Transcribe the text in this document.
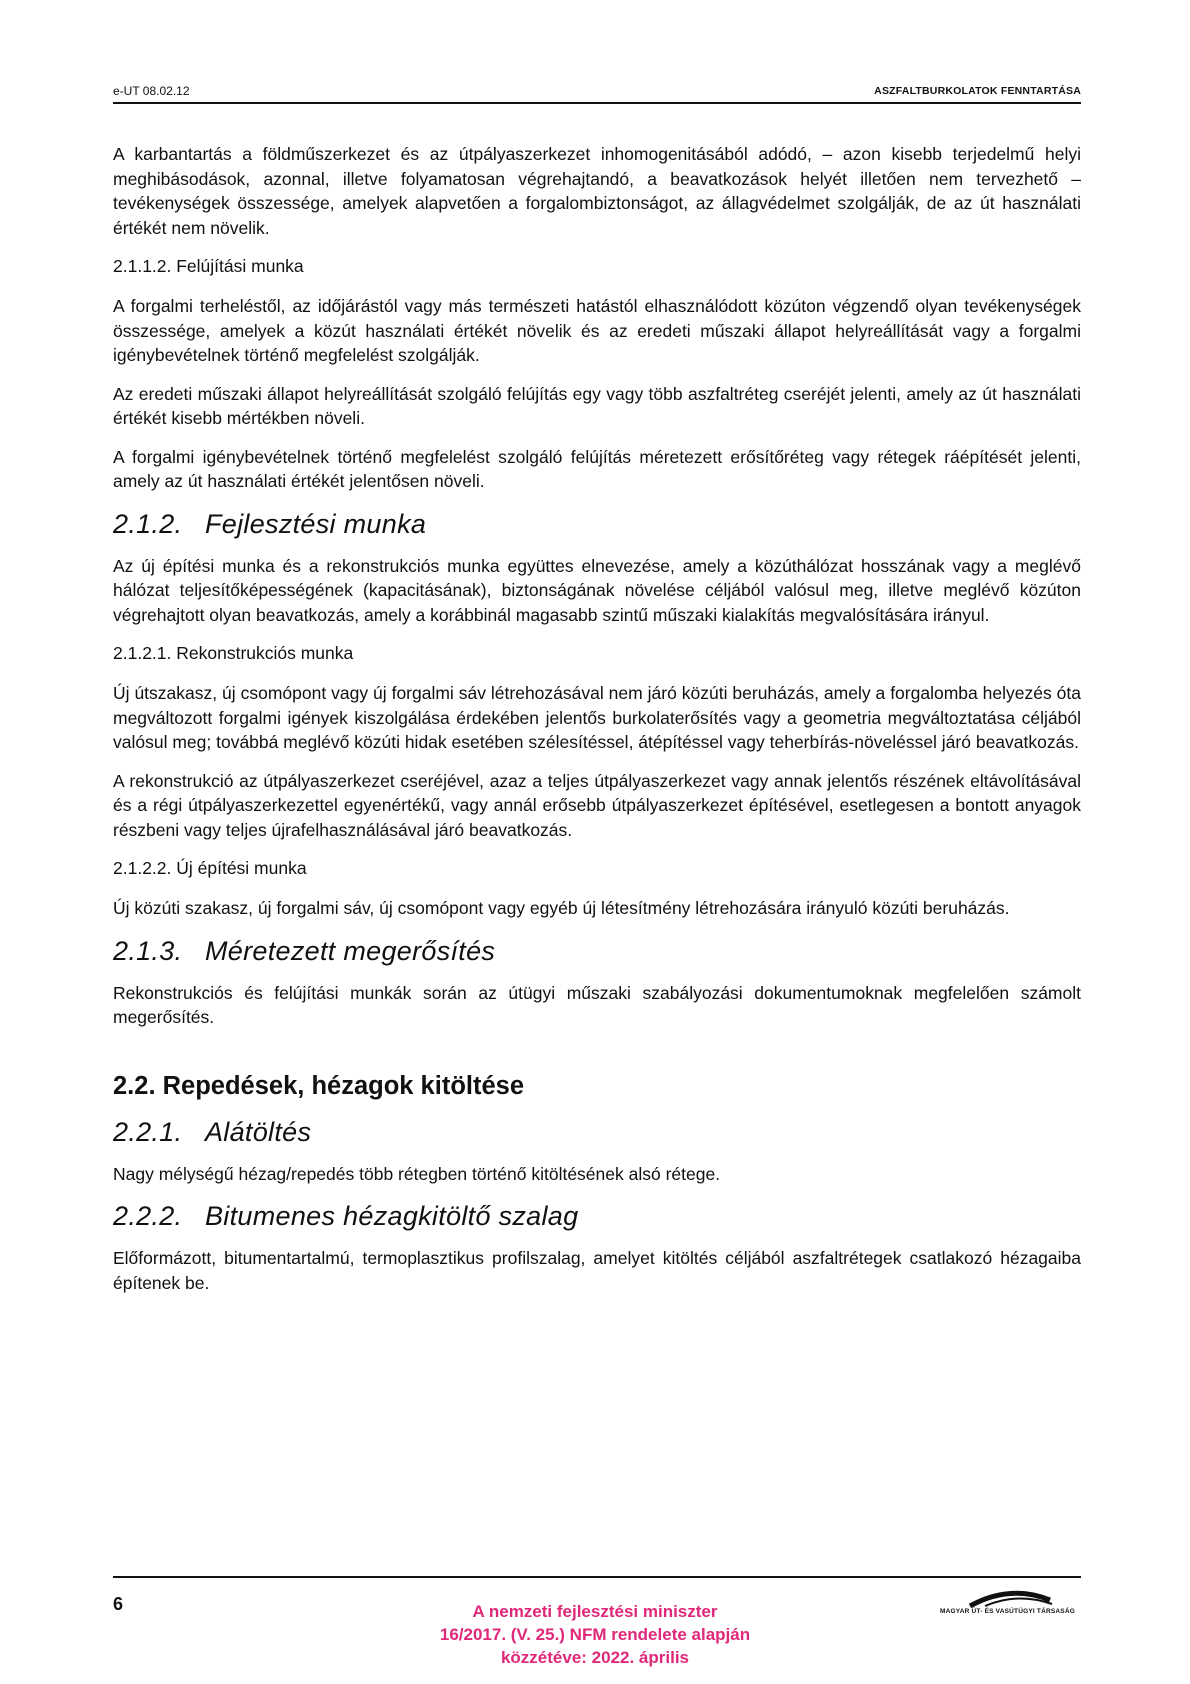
e-UT 08.02.12	ASZFALTBURKOLATOK FENNTARTÁSA

A karbantartás a földműszerkezet és az útpályaszerkezet inhomogenitásából adódó, – azon kisebb terjedelmű helyi meghibásodások, azonnal, illetve folyamatosan végrehajtandó, a beavatkozások helyét illetően nem tervezhető – tevékenységek összessége, amelyek alapvetően a forgalombiztonságot, az állagvédelmet szolgálják, de az út használati értékét nem növelik.

2.1.1.2. Felújítási munka

A forgalmi terheléstől, az időjárástól vagy más természeti hatástól elhasználódott közúton végzendő olyan tevékenységek összessége, amelyek a közút használati értékét növelik és az eredeti műszaki állapot helyreállítását vagy a forgalmi igénybevételnek történő megfelelést szolgálják.

Az eredeti műszaki állapot helyreállítását szolgáló felújítás egy vagy több aszfaltréteg cseréjét jelenti, amely az út használati értékét kisebb mértékben növeli.

A forgalmi igénybevételnek történő megfelelést szolgáló felújítás méretezett erősítőréteg vagy rétegek ráépítését jelenti, amely az út használati értékét jelentősen növeli.

2.1.2. Fejlesztési munka

Az új építési munka és a rekonstrukciós munka együttes elnevezése, amely a közúthálózat hosszának vagy a meglévő hálózat teljesítőképességének (kapacitásának), biztonságának növelése céljából valósul meg, illetve meglévő közúton végrehajtott olyan beavatkozás, amely a korábbinál magasabb szintű műszaki kialakítás megvalósítására irányul.

2.1.2.1. Rekonstrukciós munka

Új útszakasz, új csomópont vagy új forgalmi sáv létrehozásával nem járó közúti beruházás, amely a forgalomba helyezés óta megváltozott forgalmi igények kiszolgálása érdekében jelentős burkolaterősítés vagy a geometria megváltoztatása céljából valósul meg; továbbá meglévő közúti hidak esetében szélesítéssel, átépítéssel vagy teherbírás-növeléssel járó beavatkozás.

A rekonstrukció az útpályaszerkezet cseréjével, azaz a teljes útpályaszerkezet vagy annak jelentős részének eltávolításával és a régi útpályaszerkezettel egyenértékű, vagy annál erősebb útpályaszerkezet építésével, esetlegesen a bontott anyagok részbeni vagy teljes újrafelhasználásával járó beavatkozás.

2.1.2.2. Új építési munka

Új közúti szakasz, új forgalmi sáv, új csomópont vagy egyéb új létesítmény létrehozására irányuló közúti beruházás.

2.1.3. Méretezett megerősítés

Rekonstrukciós és felújítási munkák során az útügyi műszaki szabályozási dokumentumoknak megfelelően számolt megerősítés.

2.2. Repedések, hézagok kitöltése
2.2.1. Alátöltés

Nagy mélységű hézag/repedés több rétegben történő kitöltésének alsó rétege.

2.2.2. Bitumenes hézagkitöltő szalag

Előformázott, bitumentartalmú, termoplasztikus profilszalag, amelyet kitöltés céljából aszfaltrétegek csatlakozó hézagaiba építenek be.

6	A nemzeti fejlesztési miniszter
16/2017. (V. 25.) NFM rendelete alapján
közzétéve: 2022. április
MAGYAR ÚT- ÉS VASÚTÜGYI TÁRSASÁG
